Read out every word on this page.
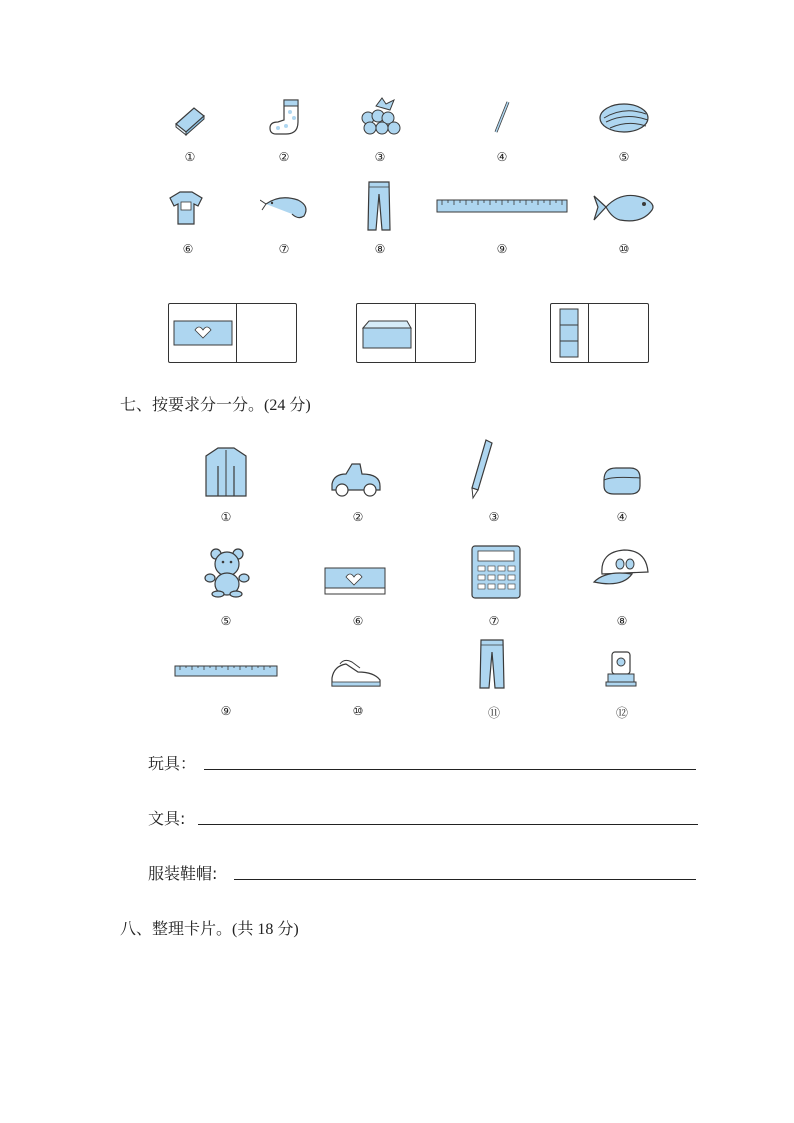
①	②	③	④	⑤
⑥	⑦	⑧	⑨	⑩
七、按要求分一分。(24 分)
①	②	③	④
⑤	⑥	⑦	⑧
⑨	⑩	⑪	⑫
玩具：
文具:
服装鞋帽:
八、整理卡片。(共 18 分)
